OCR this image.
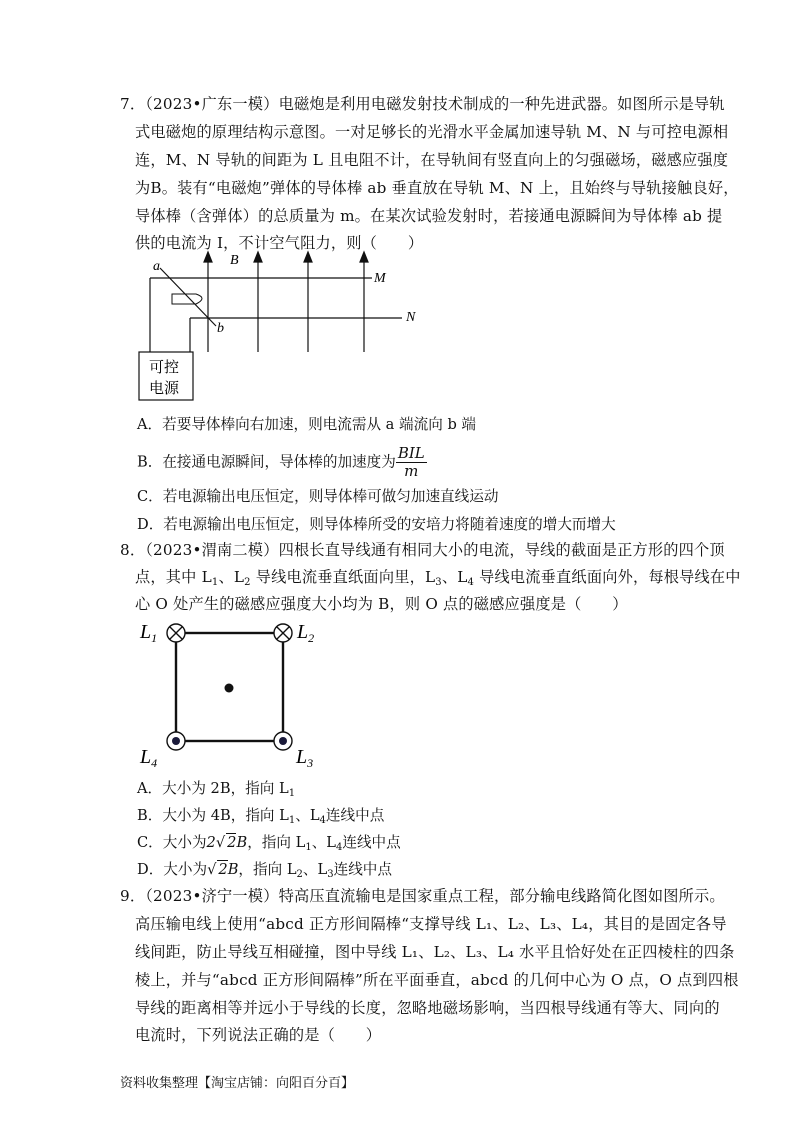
7．（2023•广东一模）电磁炮是利用电磁发射技术制成的一种先进武器。如图所示是导轨
式电磁炮的原理结构示意图。一对足够长的光滑水平金属加速导轨 M、N 与可控电源相
连，M、N 导轨的间距为 L 且电阻不计，在导轨间有竖直向上的匀强磁场，磁感应强度
为B。装有“电磁炮”弹体的导体棒 ab 垂直放在导轨 M、N 上，且始终与导轨接触良好，
导体棒（含弹体）的总质量为 m。在某次试验发射时，若接通电源瞬间为导体棒 ab 提
供的电流为 I，不计空气阻力，则（　　）
a
b
B
M
N
可控
电源
A．若要导体棒向右加速，则电流需从 a 端流向 b 端
B．在接通电源瞬间，导体棒的加速度为 $\frac{\text{BIL}}{m}$
C．若电源输出电压恒定，则导体棒可做匀加速直线运动
D．若电源输出电压恒定，则导体棒所受的安培力将随着速度的增大而增大
8．（2023•渭南二模）四根长直导线通有相同大小的电流，导线的截面是正方形的四个顶
点，其中 $L_1$、$L_2$ 导线电流垂直纸面向里，$L_3$、$L_4$ 导线电流垂直纸面向外，每根导线在中
心 O 处产生的磁感应强度大小均为 B，则 O 点的磁感应强度是（　　）
$L_1$	$L_2$
$L_4$	$L_3$
A．大小为 2B，指向 $L_1$
B．大小为 4B，指向 $L_1$、$L_4$连线中点
C．大小为2√ 2B，指向 $L_1$、$L_4$连线中点
D．大小为√ 2B，指向 $L_2$、$L_3$连线中点
9．（2023•济宁一模）特高压直流输电是国家重点工程，部分输电线路简化图如图所示。
高压输电线上使用“abcd 正方形间隔棒“支撑导线 L₁、L₂、L₃、L₄，其目的是固定各导
线间距，防止导线互相碰撞，图中导线 L₁、L₂、L₃、L₄ 水平且恰好处在正四棱柱的四条
棱上，并与“abcd 正方形间隔棒”所在平面垂直，abcd 的几何中心为 O 点，O 点到四根
导线的距离相等并远小于导线的长度，忽略地磁场影响，当四根导线通有等大、同向的
电流时，下列说法正确的是（　　）
资料收集整理【淘宝店铺：向阳百分百】
